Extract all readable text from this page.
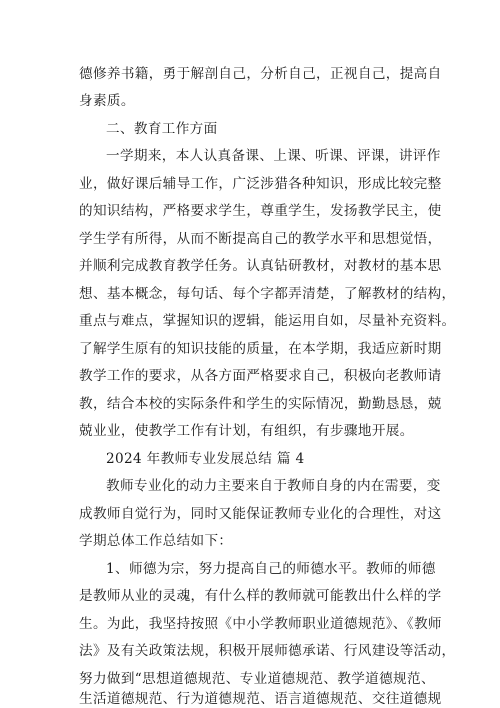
德修养书籍，勇于解剖自己，分析自己，正视自己，提高自
身素质。
二、教育工作方面
一学期来，本人认真备课、上课、听课、评课，讲评作
业，做好课后辅导工作，广泛涉猎各种知识，形成比较完整
的知识结构，严格要求学生，尊重学生，发扬教学民主，使
学生学有所得，从而不断提高自己的教学水平和思想觉悟，
并顺利完成教育教学任务。认真钻研教材，对教材的基本思
想、基本概念，每句话、每个字都弄清楚，了解教材的结构，
重点与难点，掌握知识的逻辑，能运用自如，尽量补充资料。
了解学生原有的知识技能的质量，在本学期，我适应新时期
教学工作的要求，从各方面严格要求自己，积极向老教师请
教，结合本校的实际条件和学生的实际情况，勤勤恳恳，兢
兢业业，使教学工作有计划，有组织，有步骤地开展。
2024 年教师专业发展总结 篇 4
教师专业化的动力主要来自于教师自身的内在需要，变
成教师自觉行为，同时又能保证教师专业化的合理性，对这
学期总体工作总结如下：
1、师德为宗，努力提高自己的师德水平。教师的师德
是教师从业的灵魂，有什么样的教师就可能教出什么样的学
生。为此，我坚持按照《中小学教师职业道德规范》、《教师
法》及有关政策法规，积极开展师德承诺、行风建设等活动，
努力做到“思想道德规范、专业道德规范、教学道德规范、
生活道德规范、行为道德规范、语言道德规范、交往道德规
